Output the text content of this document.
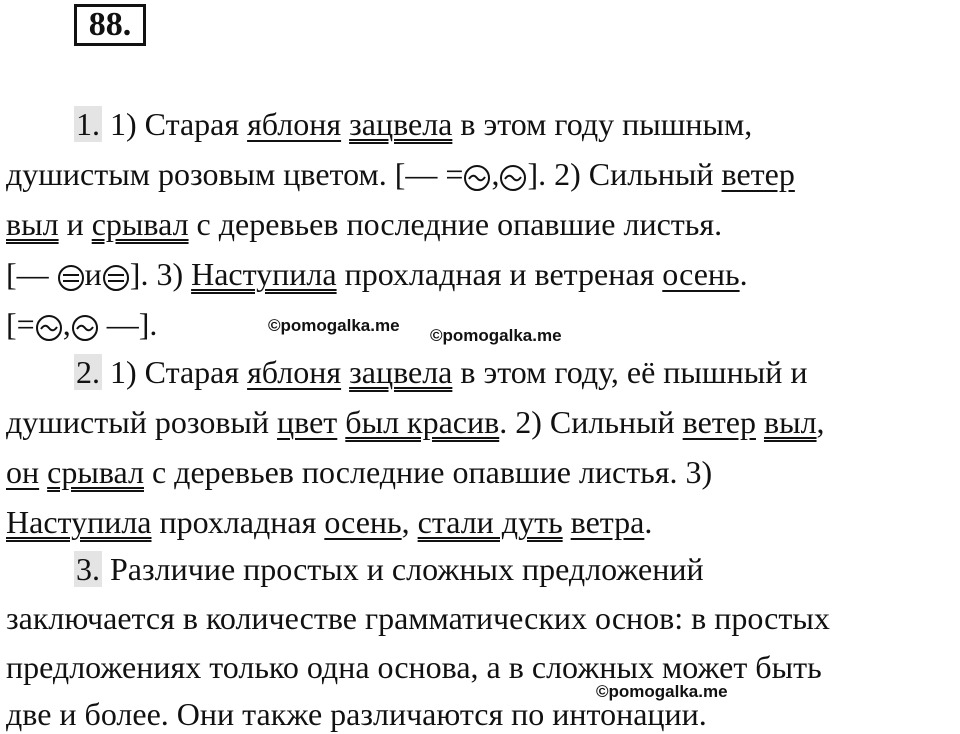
88.
1. 1) Старая яблоня зацвела в этом году пышным,
душистым розовым цветом. [— = , ]. 2) Сильный ветер
выл и срывал с деревьев последние опавшие листья.
[— и ]. 3) Наступила прохладная и ветреная осень.
[= , —].	©pomogalka.me
©pomogalka.me
2. 1) Старая яблоня зацвела в этом году, её пышный и
душистый розовый цвет был красив. 2) Сильный ветер выл,
он срывал с деревьев последние опавшие листья. 3)
Наступила прохладная осень, стали дуть ветра.
3. Различие простых и сложных предложений
заключается в количестве грамматических основ: в простых
предложениях только одна основа, а в сложных может быть
©pomogalka.me
две и более. Они также различаются по интонации.
